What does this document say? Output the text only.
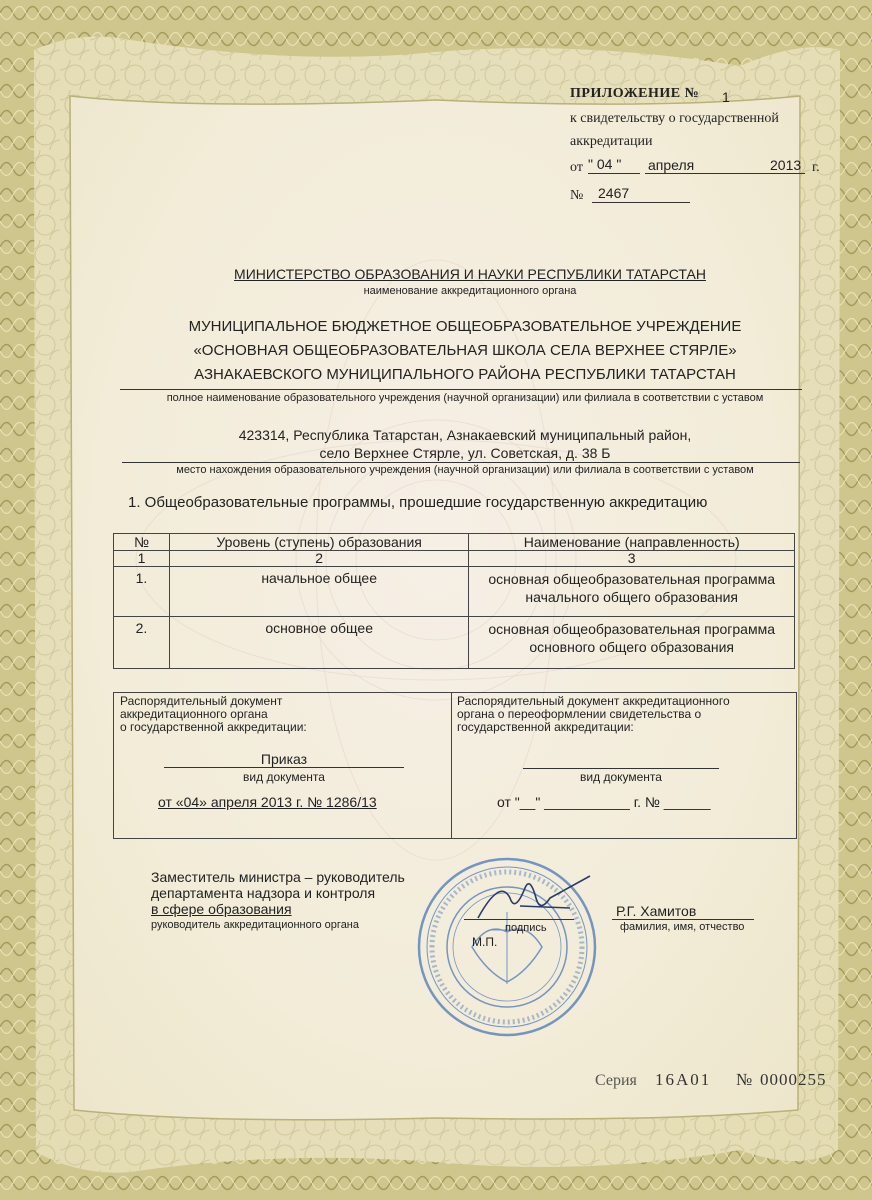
ПРИЛОЖЕНИЕ № 1
к свидетельству о государственной
аккредитации
от " 04 " апреля	2013 г.
№ 2467
МИНИСТЕРСТВО ОБРАЗОВАНИЯ И НАУКИ РЕСПУБЛИКИ ТАТАРСТАН
наименование аккредитационного органа
МУНИЦИПАЛЬНОЕ БЮДЖЕТНОЕ ОБЩЕОБРАЗОВАТЕЛЬНОЕ УЧРЕЖДЕНИЕ
«ОСНОВНАЯ ОБЩЕОБРАЗОВАТЕЛЬНАЯ ШКОЛА СЕЛА ВЕРХНЕЕ СТЯРЛЕ»
АЗНАКАЕВСКОГО МУНИЦИПАЛЬНОГО РАЙОНА РЕСПУБЛИКИ ТАТАРСТАН
полное наименование образовательного учреждения (научной организации) или филиала в соответствии с уставом
423314, Республика Татарстан, Азнакаевский муниципальный район,
село Верхнее Стярле, ул. Советская, д. 38 Б
место нахождения образовательного учреждения (научной организации) или филиала в соответствии с уставом
1. Общеобразовательные программы, прошедшие государственную аккредитацию
№	Уровень (ступень) образования	Наименование (направленность)
1	2	3
1.	начальное общее	основная общеобразовательная программа
начального общего образования

2.	основное общее	основная общеобразовательная программа
основного общего образования
Распорядительный документ
аккредитационного органа
о государственной аккредитации:
Приказ
вид документа
от «04» апреля 2013 г. № 1286/13
Распорядительный документ аккредитационного
органа о переоформлении свидетельства о
государственной аккредитации:
вид документа
от "__" ___________ г. № ______
Заместитель министра – руководитель
департамента надзора и контроля
в сфере образования
руководитель аккредитационного органа	подпись
М.П.
Р.Г. Хамитов
фамилия, имя, отчество
Серия 16А01 № 0000255
